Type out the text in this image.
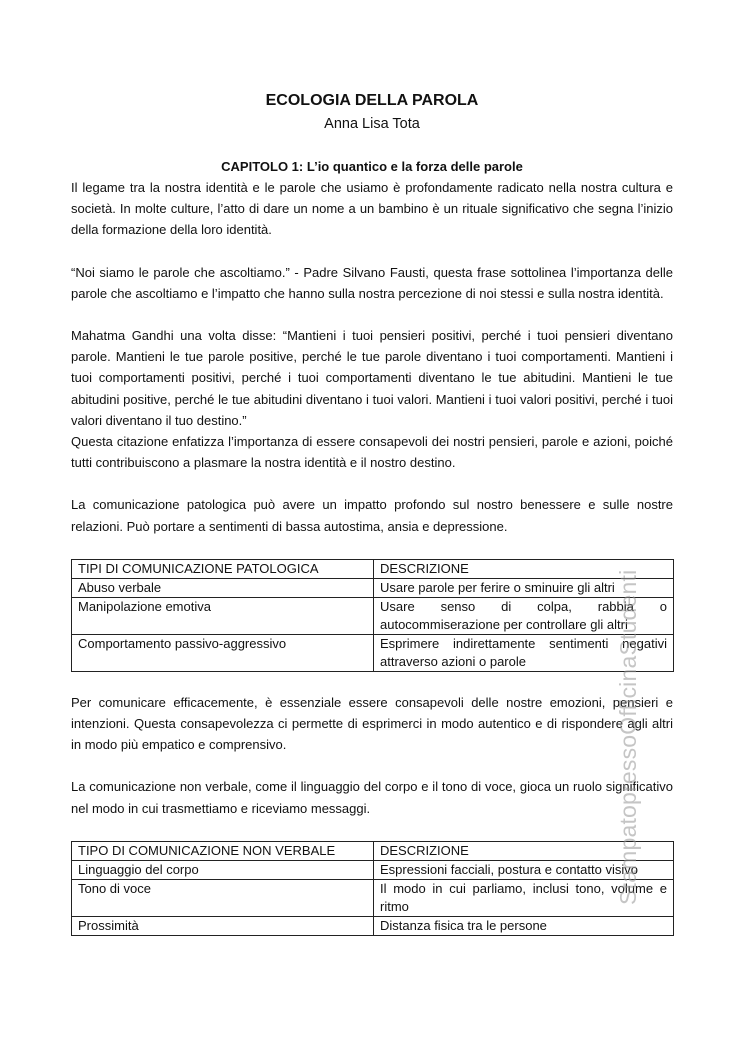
ECOLOGIA DELLA PAROLA
Anna Lisa Tota
CAPITOLO 1: L’io quantico e la forza delle parole

Il legame tra la nostra identità e le parole che usiamo è profondamente radicato nella nostra cultura e società. In molte culture, l’atto di dare un nome a un bambino è un rituale significativo che segna l’inizio della formazione della loro identità.

“Noi siamo le parole che ascoltiamo.” - Padre Silvano Fausti, questa frase sottolinea l’importanza delle parole che ascoltiamo e l’impatto che hanno sulla nostra percezione di noi stessi e sulla nostra identità.

Mahatma Gandhi una volta disse: “Mantieni i tuoi pensieri positivi, perché i tuoi pensieri diventano parole. Mantieni le tue parole positive, perché le tue parole diventano i tuoi comportamenti. Mantieni i tuoi comportamenti positivi, perché i tuoi comportamenti diventano le tue abitudini. Mantieni le tue abitudini positive, perché le tue abitudini diventano i tuoi valori. Mantieni i tuoi valori positivi, perché i tuoi valori diventano il tuo destino.”

Questa citazione enfatizza l’importanza di essere consapevoli dei nostri pensieri, parole e azioni, poiché tutti contribuiscono a plasmare la nostra identità e il nostro destino.

La comunicazione patologica può avere un impatto profondo sul nostro benessere e sulle nostre relazioni. Può portare a sentimenti di bassa autostima, ansia e depressione.

TIPI DI COMUNICAZIONE PATOLOGICA	DESCRIZIONE
Abuso verbale	Usare parole per ferire o sminuire gli altri
Manipolazione emotiva	Usare senso di colpa, rabbia o autocommiserazione per controllare gli altri
Comportamento passivo-aggressivo	Esprimere indirettamente sentimenti negativi attraverso azioni o parole

Per comunicare efficacemente, è essenziale essere consapevoli delle nostre emozioni, pensieri e intenzioni. Questa consapevolezza ci permette di esprimerci in modo autentico e di rispondere agli altri in modo più empatico e comprensivo.

La comunicazione non verbale, come il linguaggio del corpo e il tono di voce, gioca un ruolo significativo nel modo in cui trasmettiamo e riceviamo messaggi.

TIPO DI COMUNICAZIONE NON VERBALE	DESCRIZIONE
Linguaggio del corpo	Espressioni facciali, postura e contatto visivo
Tono di voce	Il modo in cui parliamo, inclusi tono, volume e ritmo
Prossimità	Distanza fisica tra le persone
StampatopressoOfficinaStudenti
